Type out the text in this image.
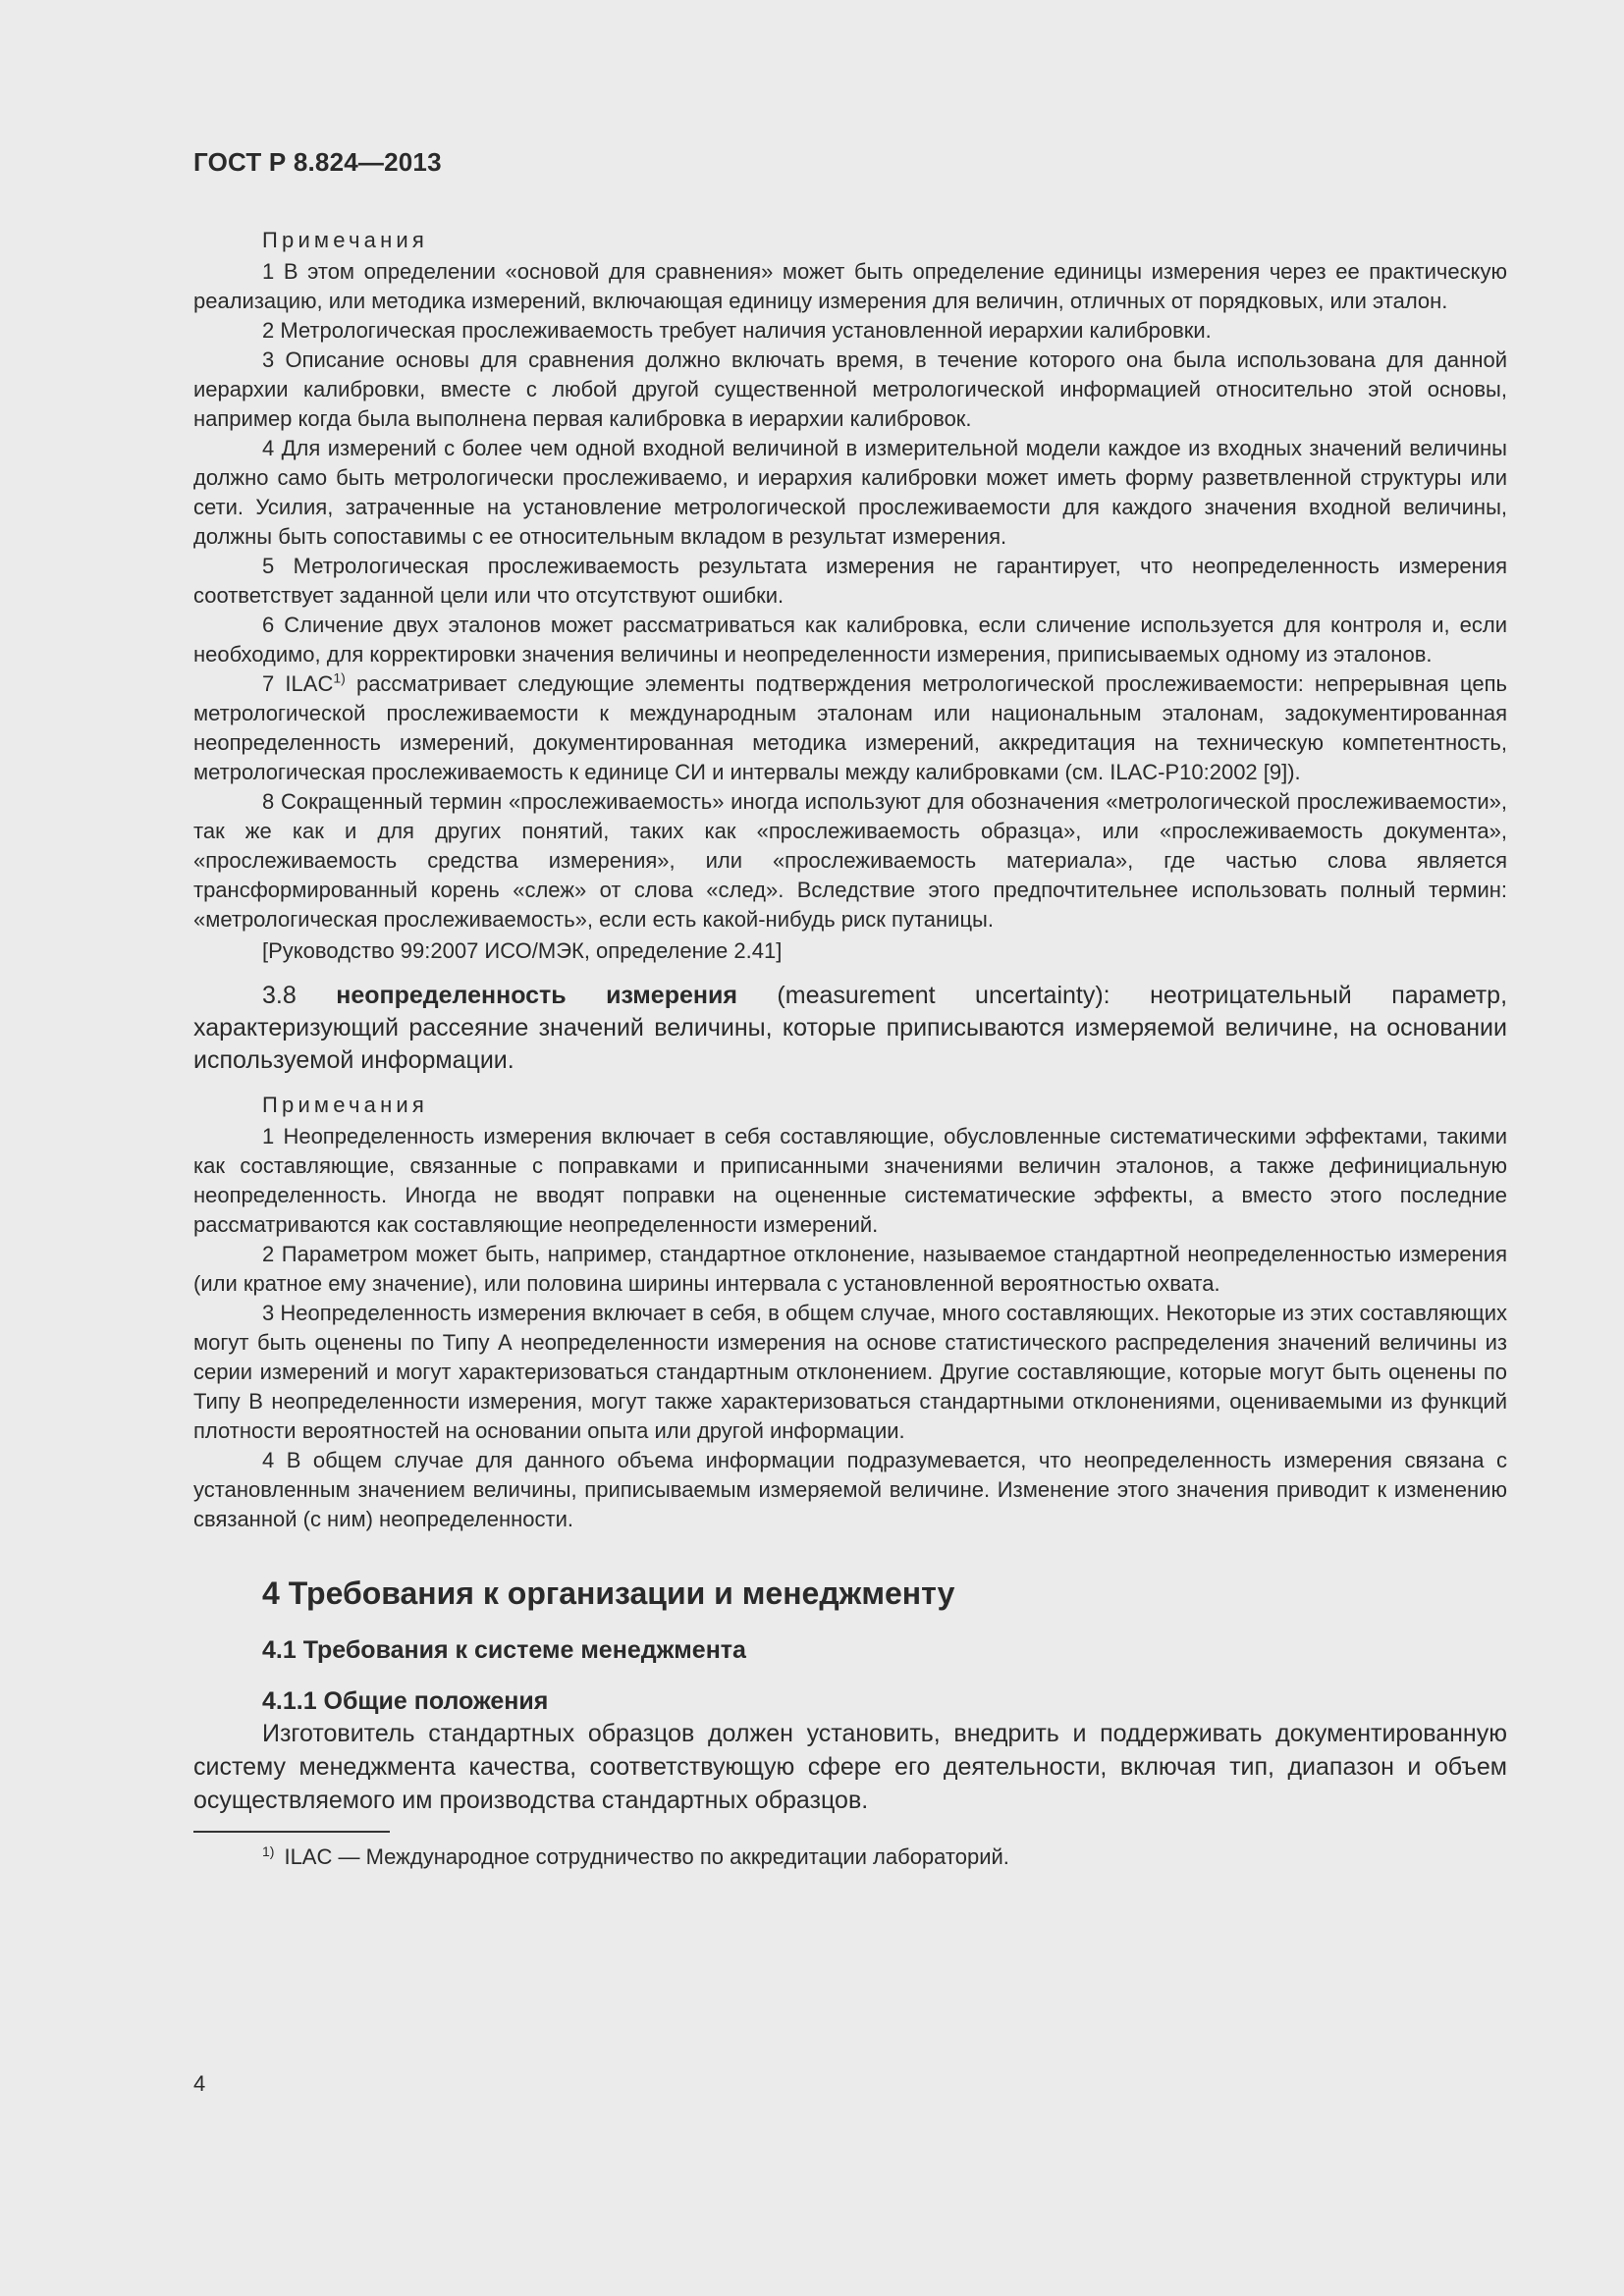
ГОСТ Р 8.824—2013
Примечания

1 В этом определении «основой для сравнения» может быть определение единицы измерения через ее практическую реализацию, или методика измерений, включающая единицу измерения для величин, отличных от порядковых, или эталон.

2 Метрологическая прослеживаемость требует наличия установленной иерархии калибровки.

3 Описание основы для сравнения должно включать время, в течение которого она была использована для данной иерархии калибровки, вместе с любой другой существенной метрологической информацией относительно этой основы, например когда была выполнена первая калибровка в иерархии калибровок.

4 Для измерений с более чем одной входной величиной в измерительной модели каждое из входных значений величины должно само быть метрологически прослеживаемо, и иерархия калибровки может иметь форму разветвленной структуры или сети. Усилия, затраченные на установление метрологической прослеживаемости для каждого значения входной величины, должны быть сопоставимы с ее относительным вкладом в результат измерения.

5 Метрологическая прослеживаемость результата измерения не гарантирует, что неопределенность измерения соответствует заданной цели или что отсутствуют ошибки.

6 Сличение двух эталонов может рассматриваться как калибровка, если сличение используется для контроля и, если необходимо, для корректировки значения величины и неопределенности измерения, приписываемых одному из эталонов.

7 ILAC$^{1)}$ рассматривает следующие элементы подтверждения метрологической прослеживаемости: непрерывная цепь метрологической прослеживаемости к международным эталонам или национальным эталонам, задокументированная неопределенность измерений, документированная методика измерений, аккредитация на техническую компетентность, метрологическая прослеживаемость к единице СИ и интервалы между калибровками (см. ILAC-P10:2002 [9]).

8 Сокращенный термин «прослеживаемость» иногда используют для обозначения «метрологической прослеживаемости», так же как и для других понятий, таких как «прослеживаемость образца», или «прослеживаемость документа», «прослеживаемость средства измерения», или «прослеживаемость материала», где частью слова является трансформированный корень «слеж» от слова «след». Вследствие этого предпочтительнее использовать полный термин: «метрологическая прослеживаемость», если есть какой-нибудь риск путаницы.

[Руководство 99:2007 ИСО/МЭК, определение 2.41]

3.8 неопределенность измерения (measurement uncertainty): неотрицательный параметр, характеризующий рассеяние значений величины, которые приписываются измеряемой величине, на основании используемой информации.

Примечания

1 Неопределенность измерения включает в себя составляющие, обусловленные систематическими эффектами, такими как составляющие, связанные с поправками и приписанными значениями величин эталонов, а также дефинициальную неопределенность. Иногда не вводят поправки на оцененные систематические эффекты, а вместо этого последние рассматриваются как составляющие неопределенности измерений.

2 Параметром может быть, например, стандартное отклонение, называемое стандартной неопределенностью измерения (или кратное ему значение), или половина ширины интервала с установленной вероятностью охвата.

3 Неопределенность измерения включает в себя, в общем случае, много составляющих. Некоторые из этих составляющих могут быть оценены по Типу А неопределенности измерения на основе статистического распределения значений величины из серии измерений и могут характеризоваться стандартным отклонением. Другие составляющие, которые могут быть оценены по Типу В неопределенности измерения, могут также характеризоваться стандартными отклонениями, оцениваемыми из функций плотности вероятностей на основании опыта или другой информации.

4 В общем случае для данного объема информации подразумевается, что неопределенность измерения связана с установленным значением величины, приписываемым измеряемой величине. Изменение этого значения приводит к изменению связанной (с ним) неопределенности.

4 Требования к организации и менеджменту
4.1 Требования к системе менеджмента
4.1.1 Общие положения

Изготовитель стандартных образцов должен установить, внедрить и поддерживать документированную систему менеджмента качества, соответствующую сфере его деятельности, включая тип, диапазон и объем осуществляемого им производства стандартных образцов.

$^{1)}$ ILAC — Международное сотрудничество по аккредитации лабораторий.
4
